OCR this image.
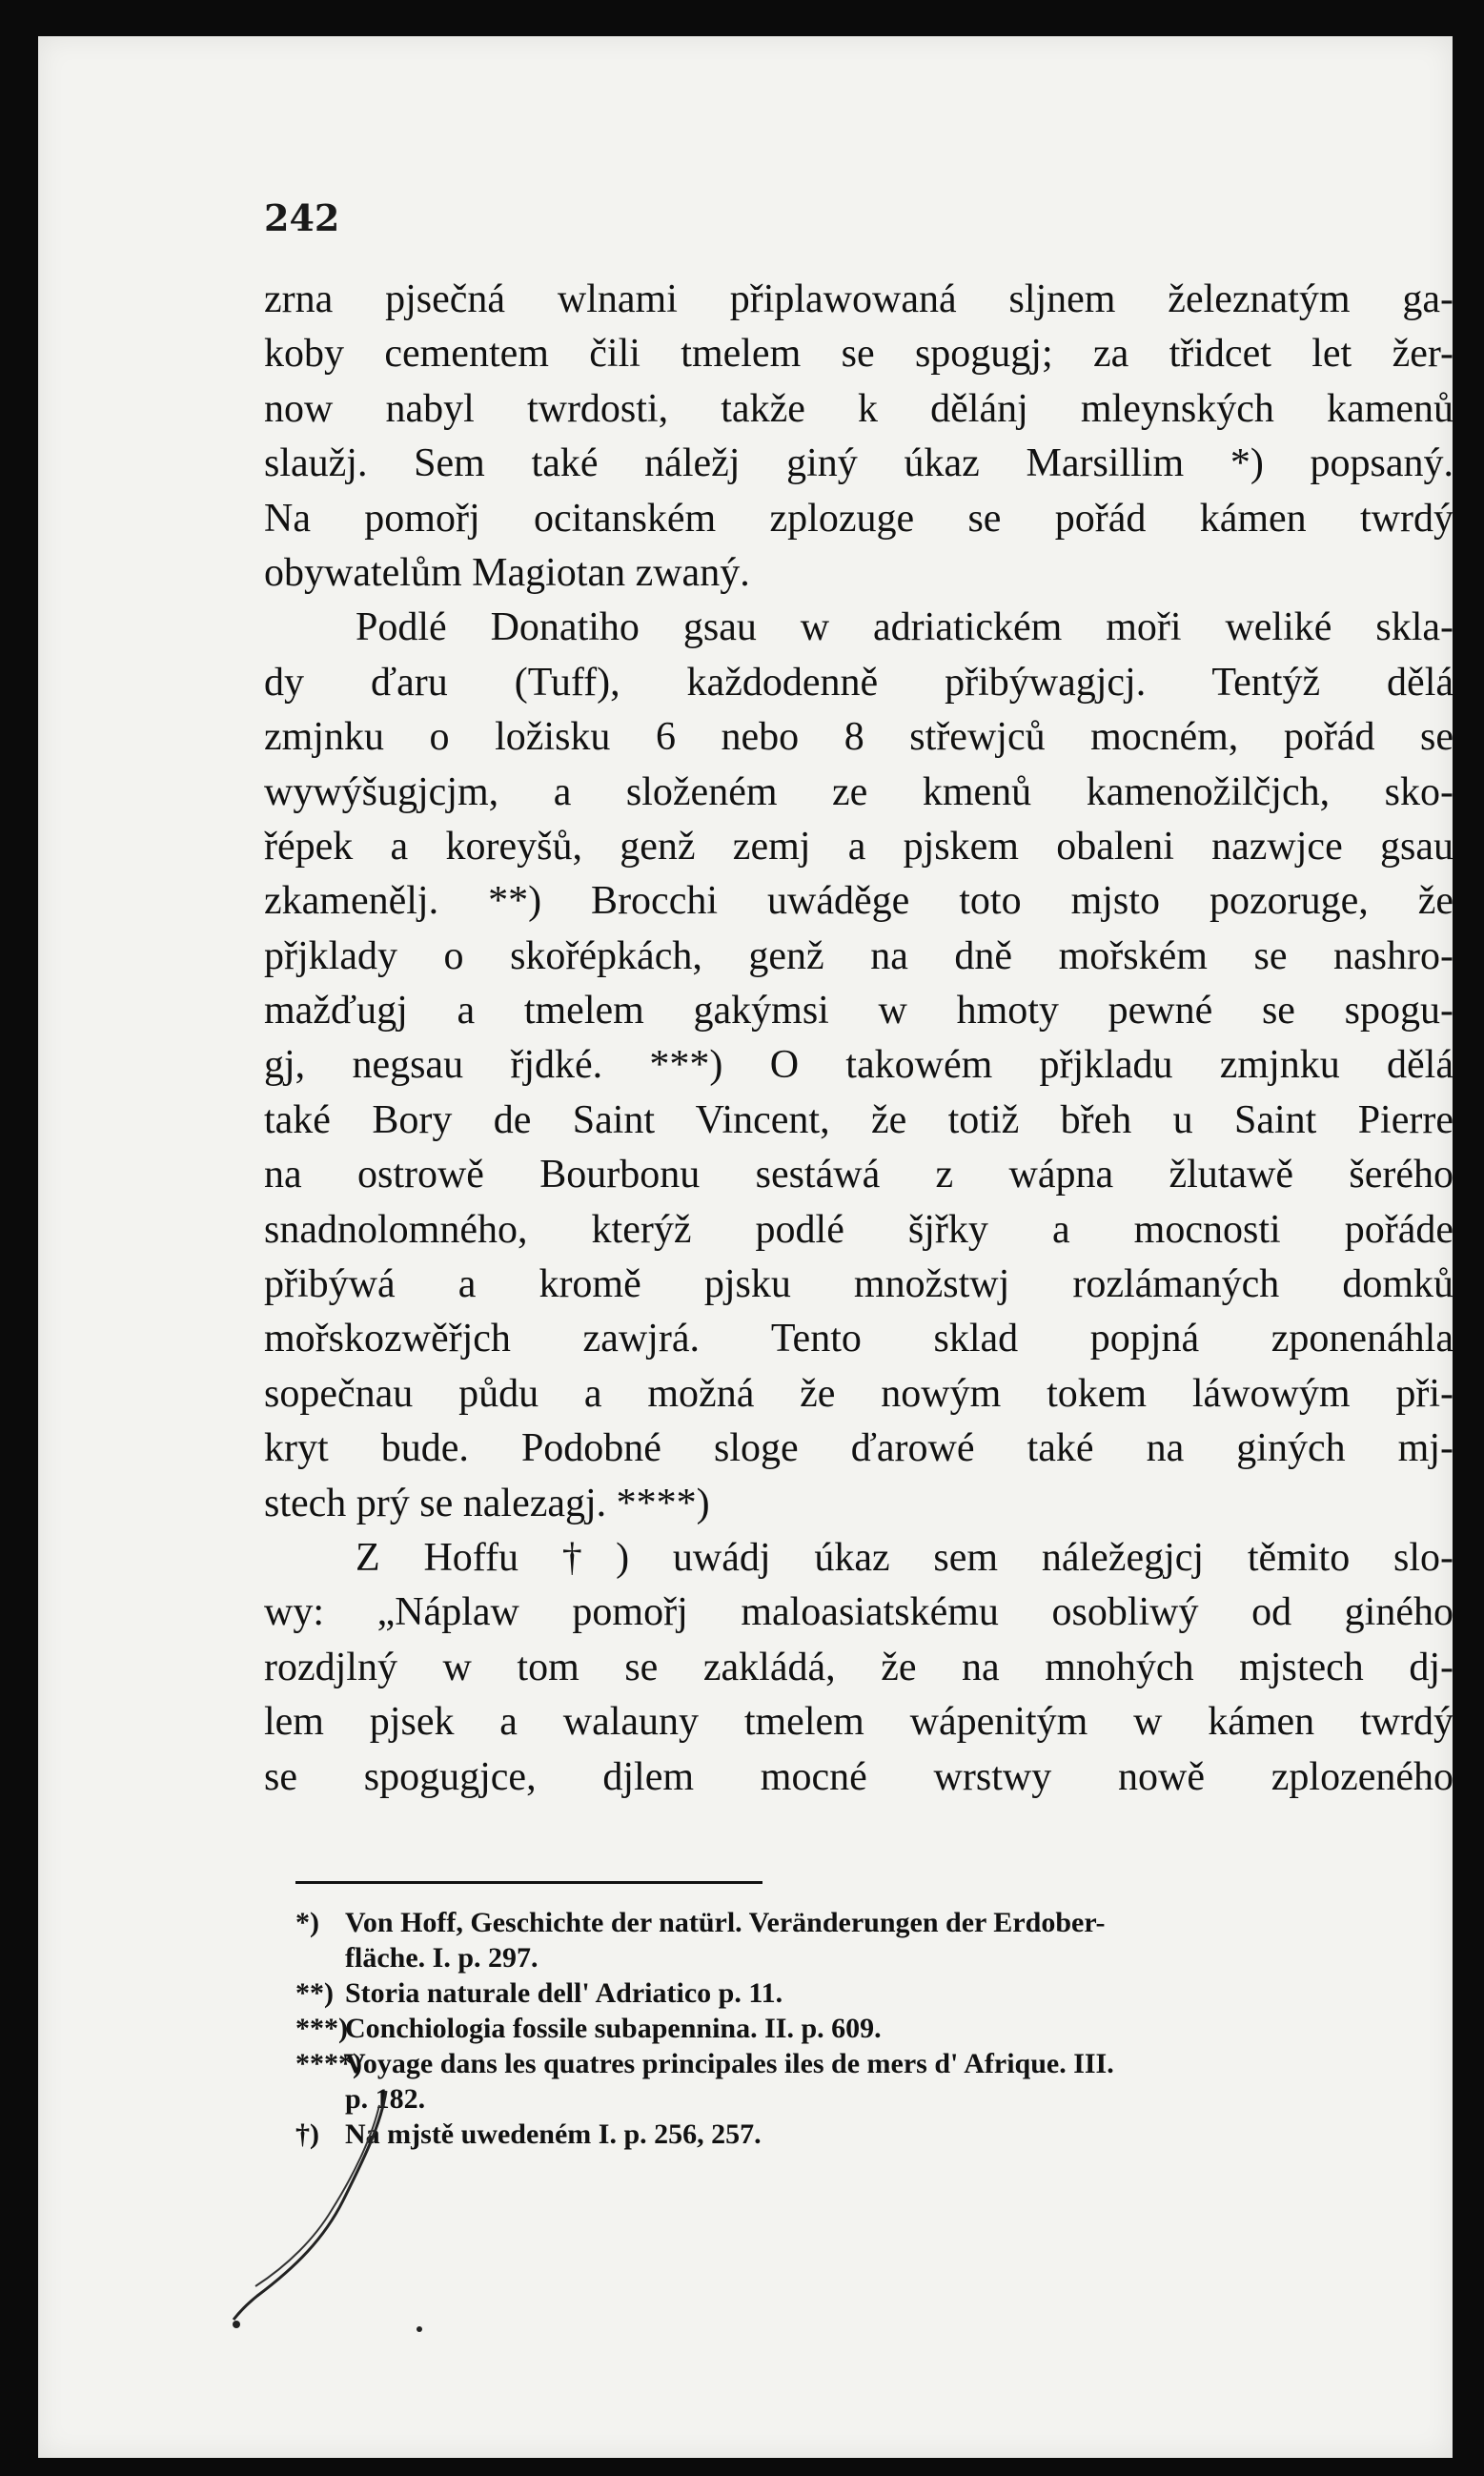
242
zrna pjsečná wlnami připlawowaná sljnem železnatým ga-
koby cementem čili tmelem se spogugj; za třidcet let žer-
now nabyl twrdosti, takže k dělánj mleynských kamenů
slaužj. Sem také náležj giný úkaz Marsillim *) popsaný.
Na pomořj ocitanském zplozuge se pořád kámen twrdý
obywatelům Magiotan zwaný.
Podlé Donatiho gsau w adriatickém moři weliké skla-
dy ďaru (Tuff), každodenně přibýwagjcj. Tentýž dělá
zmjnku o ložisku 6 nebo 8 střewjců mocném, pořád se
wywýšugjcjm, a složeném ze kmenů kamenožilčjch, sko-
řépek a koreyšů, genž zemj a pjskem obaleni nazwjce gsau
zkamenělj. **) Brocchi uwáděge toto mjsto pozoruge, že
přjklady o skořépkách, genž na dně mořském se nashro-
mažďugj a tmelem gakýmsi w hmoty pewné se spogu-
gj, negsau řjdké. ***) O takowém přjkladu zmjnku dělá
také Bory de Saint Vincent, že totiž břeh u Saint Pierre
na ostrowě Bourbonu sestáwá z wápna žlutawě šerého
snadnolomného, kterýž podlé šjřky a mocnosti pořáde
přibýwá a kromě pjsku množstwj rozlámaných domků
mořskozwěřjch zawjrá. Tento sklad popjná zponenáhla
sopečnau půdu a možná že nowým tokem láwowým při-
kryt bude. Podobné sloge ďarowé také na giných mj-
stech prý se nalezagj. ****)
Z Hoffu †) uwádj úkaz sem náležegjcj těmito slo-
wy: „Náplaw pomořj maloasiatskému osobliwý od giného
rozdjlný w tom se zakládá, že na mnohých mjstech dj-
lem pjsek a walauny tmelem wápenitým w kámen twrdý
se spogugjce, djlem mocné wrstwy nowě zplozeného
*) Von Hoff, Geschichte der natürl. Veränderungen der Erdober-
fläche. I. p. 297.
**) Storia naturale dell' Adriatico p. 11.
***)Conchiologia fossile subapennina. II. p. 609.
****)Voyage dans les quatres principales iles de mers d' Afrique. III.
p. 182.
†) Na mjstě uwedeném I. p. 256, 257.
